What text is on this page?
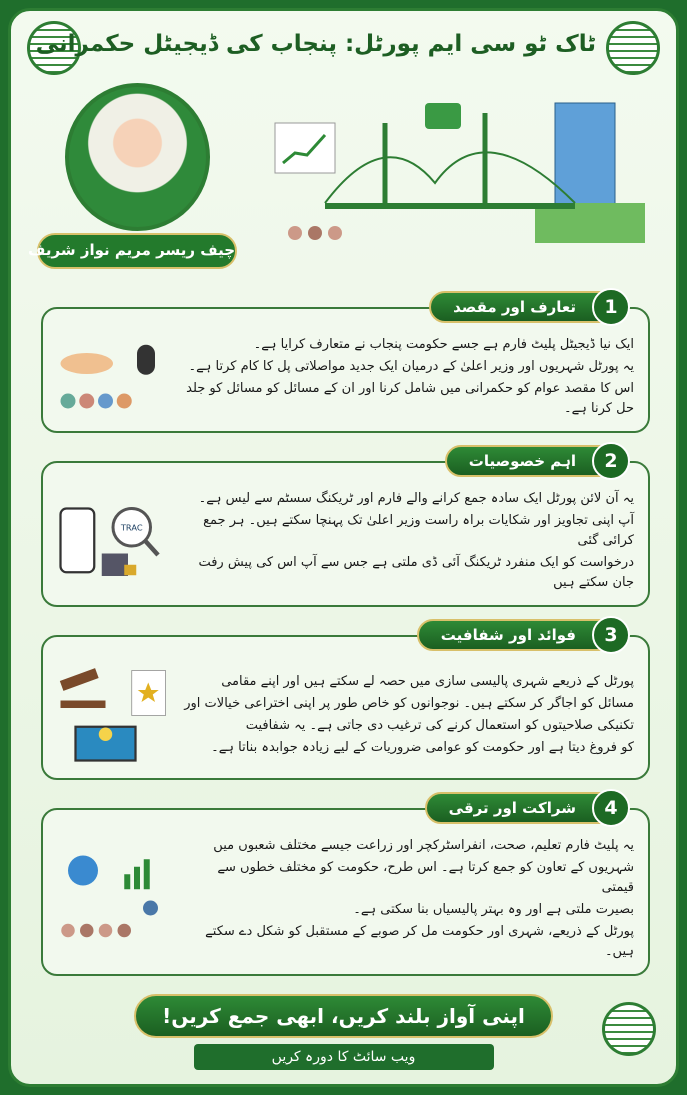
ٹاک ٹو سی ایم پورٹل: پنجاب کی ڈیجیٹل حکمرانی
چیف ریسر مریم نواز شریف
تعارف اور مقصد	1
ایک نیا ڈیجیٹل پلیٹ فارم ہے جسے حکومت پنجاب نے متعارف کرایا ہے۔
یہ پورٹل شہریوں اور وزیر اعلیٰ کے درمیان ایک جدید مواصلاتی پل کا کام کرتا ہے۔
اس کا مقصد عوام کو حکمرانی میں شامل کرنا اور ان کے مسائل کو مسائل کو جلد حل کرنا ہے۔
اہم خصوصیات	2
TRAC
یہ آن لائن پورٹل ایک سادہ جمع کرانے والے فارم اور ٹریکنگ سسٹم سے لیس ہے۔
آپ اپنی تجاویز اور شکایات براہ راست وزیر اعلیٰ تک پہنچا سکتے ہیں۔ ہر جمع کرائی گئی
درخواست کو ایک منفرد ٹریکنگ آئی ڈی ملتی ہے جس سے آپ اس کی پیش رفت جان سکتے ہیں
فوائد اور شفافیت	3
پورٹل کے ذریعے شہری پالیسی سازی میں حصہ لے سکتے ہیں اور اپنے مقامی
مسائل کو اجاگر کر سکتے ہیں۔ نوجوانوں کو خاص طور پر اپنی اختراعی خیالات اور
تکنیکی صلاحیتوں کو استعمال کرنے کی ترغیب دی جاتی ہے۔ یہ شفافیت
کو فروغ دیتا ہے اور حکومت کو عوامی ضروریات کے لیے زیادہ جوابدہ بناتا ہے۔
شراکت اور ترقی	4
یہ پلیٹ فارم تعلیم، صحت، انفراسٹرکچر اور زراعت جیسے مختلف شعبوں میں
شہریوں کے تعاون کو جمع کرتا ہے۔ اس طرح، حکومت کو مختلف خطوں سے قیمتی
بصیرت ملتی ہے اور وہ بہتر پالیسیاں بنا سکتی ہے۔
پورٹل کے ذریعے، شہری اور حکومت مل کر صوبے کے مستقبل کو شکل دے سکتے ہیں۔
اپنی آواز بلند کریں، ابھی جمع کریں!
ویب سائٹ کا دورہ کریں
